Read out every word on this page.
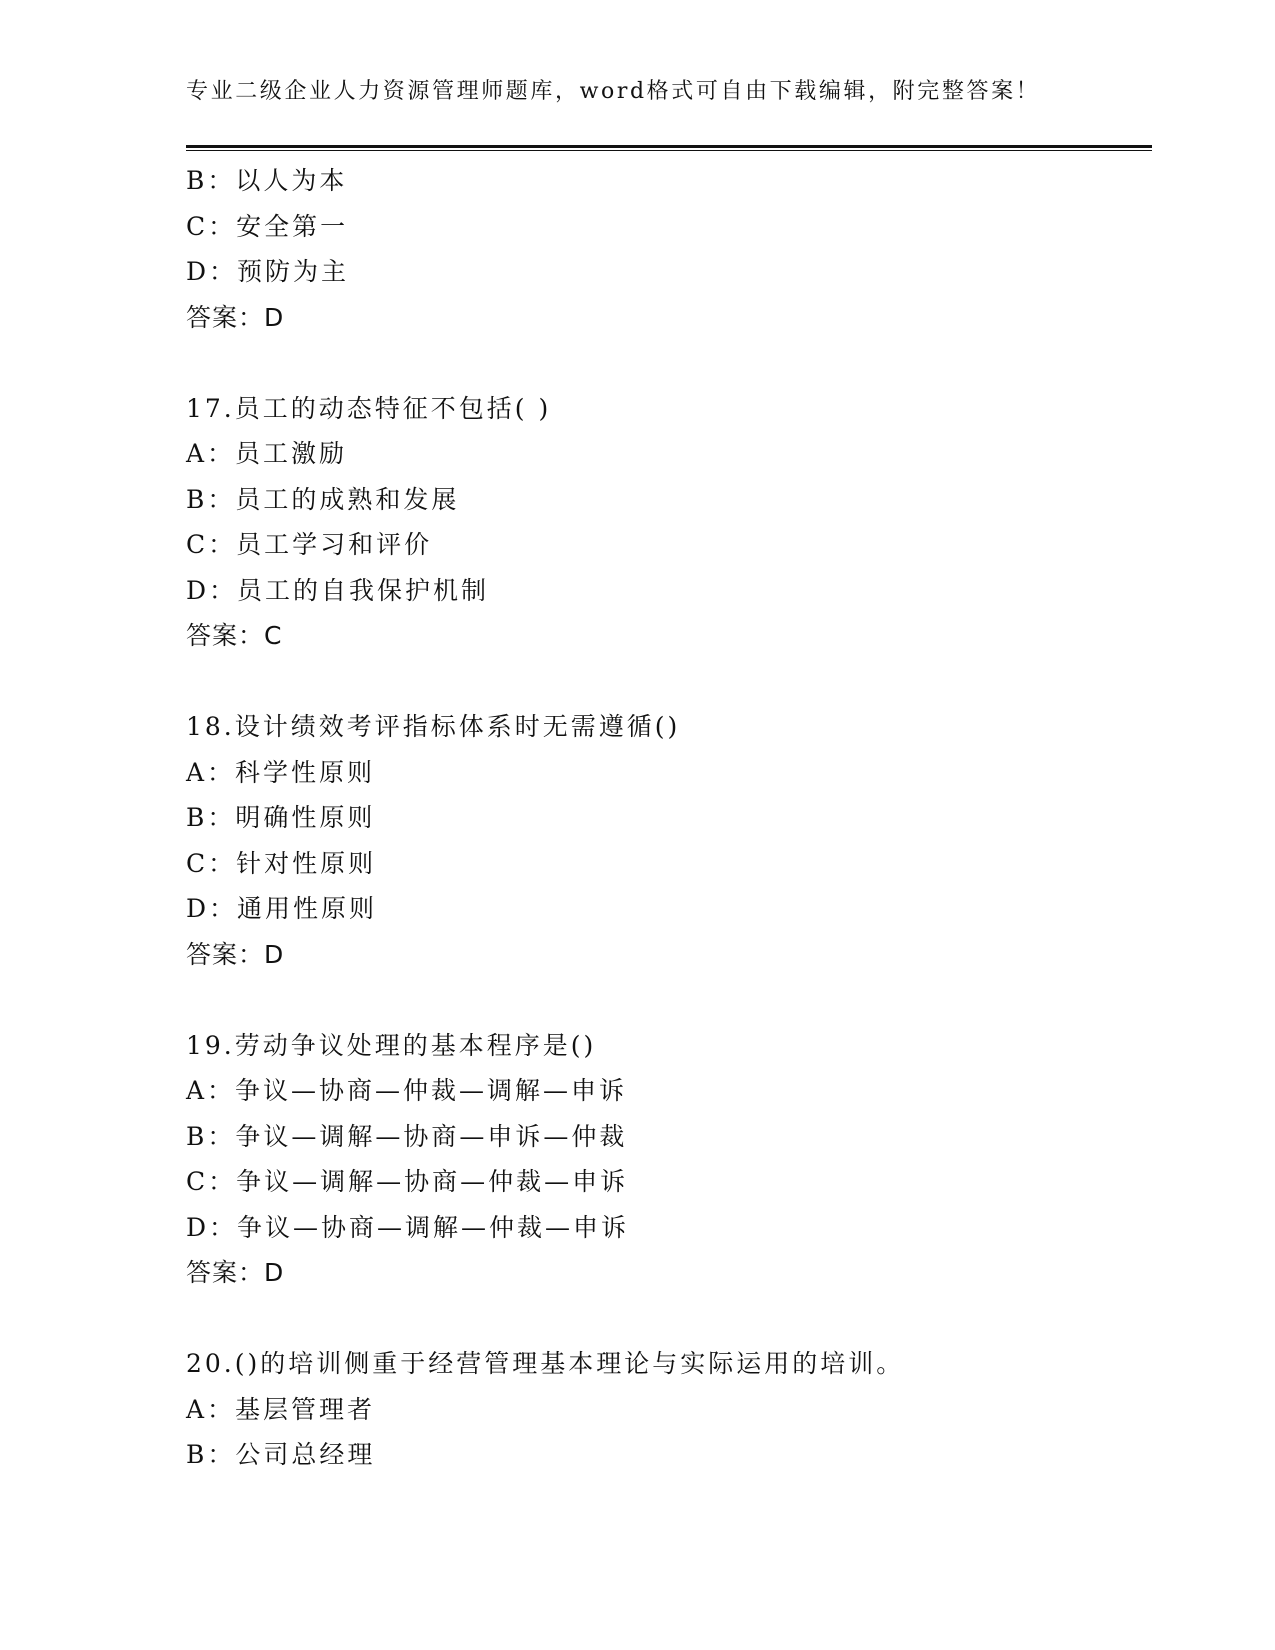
专业二级企业人力资源管理师题库，word格式可自由下载编辑，附完整答案！
B：以人为本
C：安全第一
D：预防为主
答案：D
17.员工的动态特征不包括( )
A：员工激励
B：员工的成熟和发展
C：员工学习和评价
D：员工的自我保护机制
答案：C
18.设计绩效考评指标体系时无需遵循()
A：科学性原则
B：明确性原则
C：针对性原则
D：通用性原则
答案：D
19.劳动争议处理的基本程序是()
A：争议—协商—仲裁—调解—申诉
B：争议—调解—协商—申诉—仲裁
C：争议—调解—协商—仲裁—申诉
D：争议—协商—调解—仲裁—申诉
答案：D
20.()的培训侧重于经营管理基本理论与实际运用的培训。
A：基层管理者
B：公司总经理
